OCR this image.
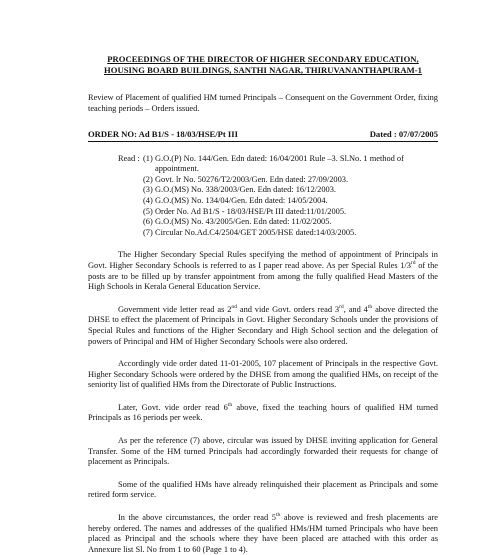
PROCEEDINGS OF THE DIRECTOR OF HIGHER SECONDARY EDUCATION,
HOUSING BOARD BUILDINGS, SANTHI NAGAR, THIRUVANANTHAPURAM-1
Review of Placement of qualified HM turned Principals – Consequent on the Government Order, fixing teaching periods – Orders issued.
ORDER NO: Ad B1/S - 18/03/HSE/Pt III	Dated : 07/07/2005
Read : (1) G.O.(P) No. 144/Gen. Edn dated: 16/04/2001 Rule –3. Sl.No. 1 method of appointment.
(2) Govt. lr No. 50276/T2/2003/Gen. Edn dated: 27/09/2003.
(3) G.O.(MS) No. 338/2003/Gen. Edn dated: 16/12/2003.
(4) G.O.(MS) No. 134/04/Gen. Edn dated: 14/05/2004.
(5) Order No. Ad B1/S - 18/03/HSE/Pt III dated:11/01/2005.
(6) G.O.(MS) No. 43/2005/Gen. Edn dated: 11/02/2005.
(7) Circular No.Ad.C4/2504/GET 2005/HSE dated:14/03/2005.

The Higher Secondary Special Rules specifying the method of appointment of Principals in Govt. Higher Secondary Schools is referred to as I paper read above. As per Special Rules 1/3rd of the posts are to be filled up by transfer appointment from among the fully qualified Head Masters of the High Schools in Kerala General Education Service.

Government vide letter read as 2nd and vide Govt. orders read 3rd, and 4th above directed the DHSE to effect the placement of Principals in Govt. Higher Secondary Schools under the provisions of Special Rules and functions of the Higher Secondary and High School section and the delegation of powers of Principal and HM of Higher Secondary Schools were also ordered.

Accordingly vide order dated 11-01-2005, 107 placement of Principals in the respective Govt. Higher Secondary Schools were ordered by the DHSE from among the qualified HMs, on receipt of the seniority list of qualified HMs from the Directorate of Public Instructions.

Later, Govt. vide order read 6th above, fixed the teaching hours of qualified HM turned Principals as 16 periods per week.

As per the reference (7) above, circular was issued by DHSE inviting application for General Transfer. Some of the HM turned Principals had accordingly forwarded their requests for change of placement as Principals.

Some of the qualified HMs have already relinquished their placement as Principals and some retired form service.

In the above circumstances, the order read 5th above is reviewed and fresh placements are hereby ordered. The names and addresses of the qualified HMs/HM turned Principals who have been placed as Principal and the schools where they have been placed are attached with this order as Annexure list Sl. No from 1 to 60 (Page 1 to 4).
